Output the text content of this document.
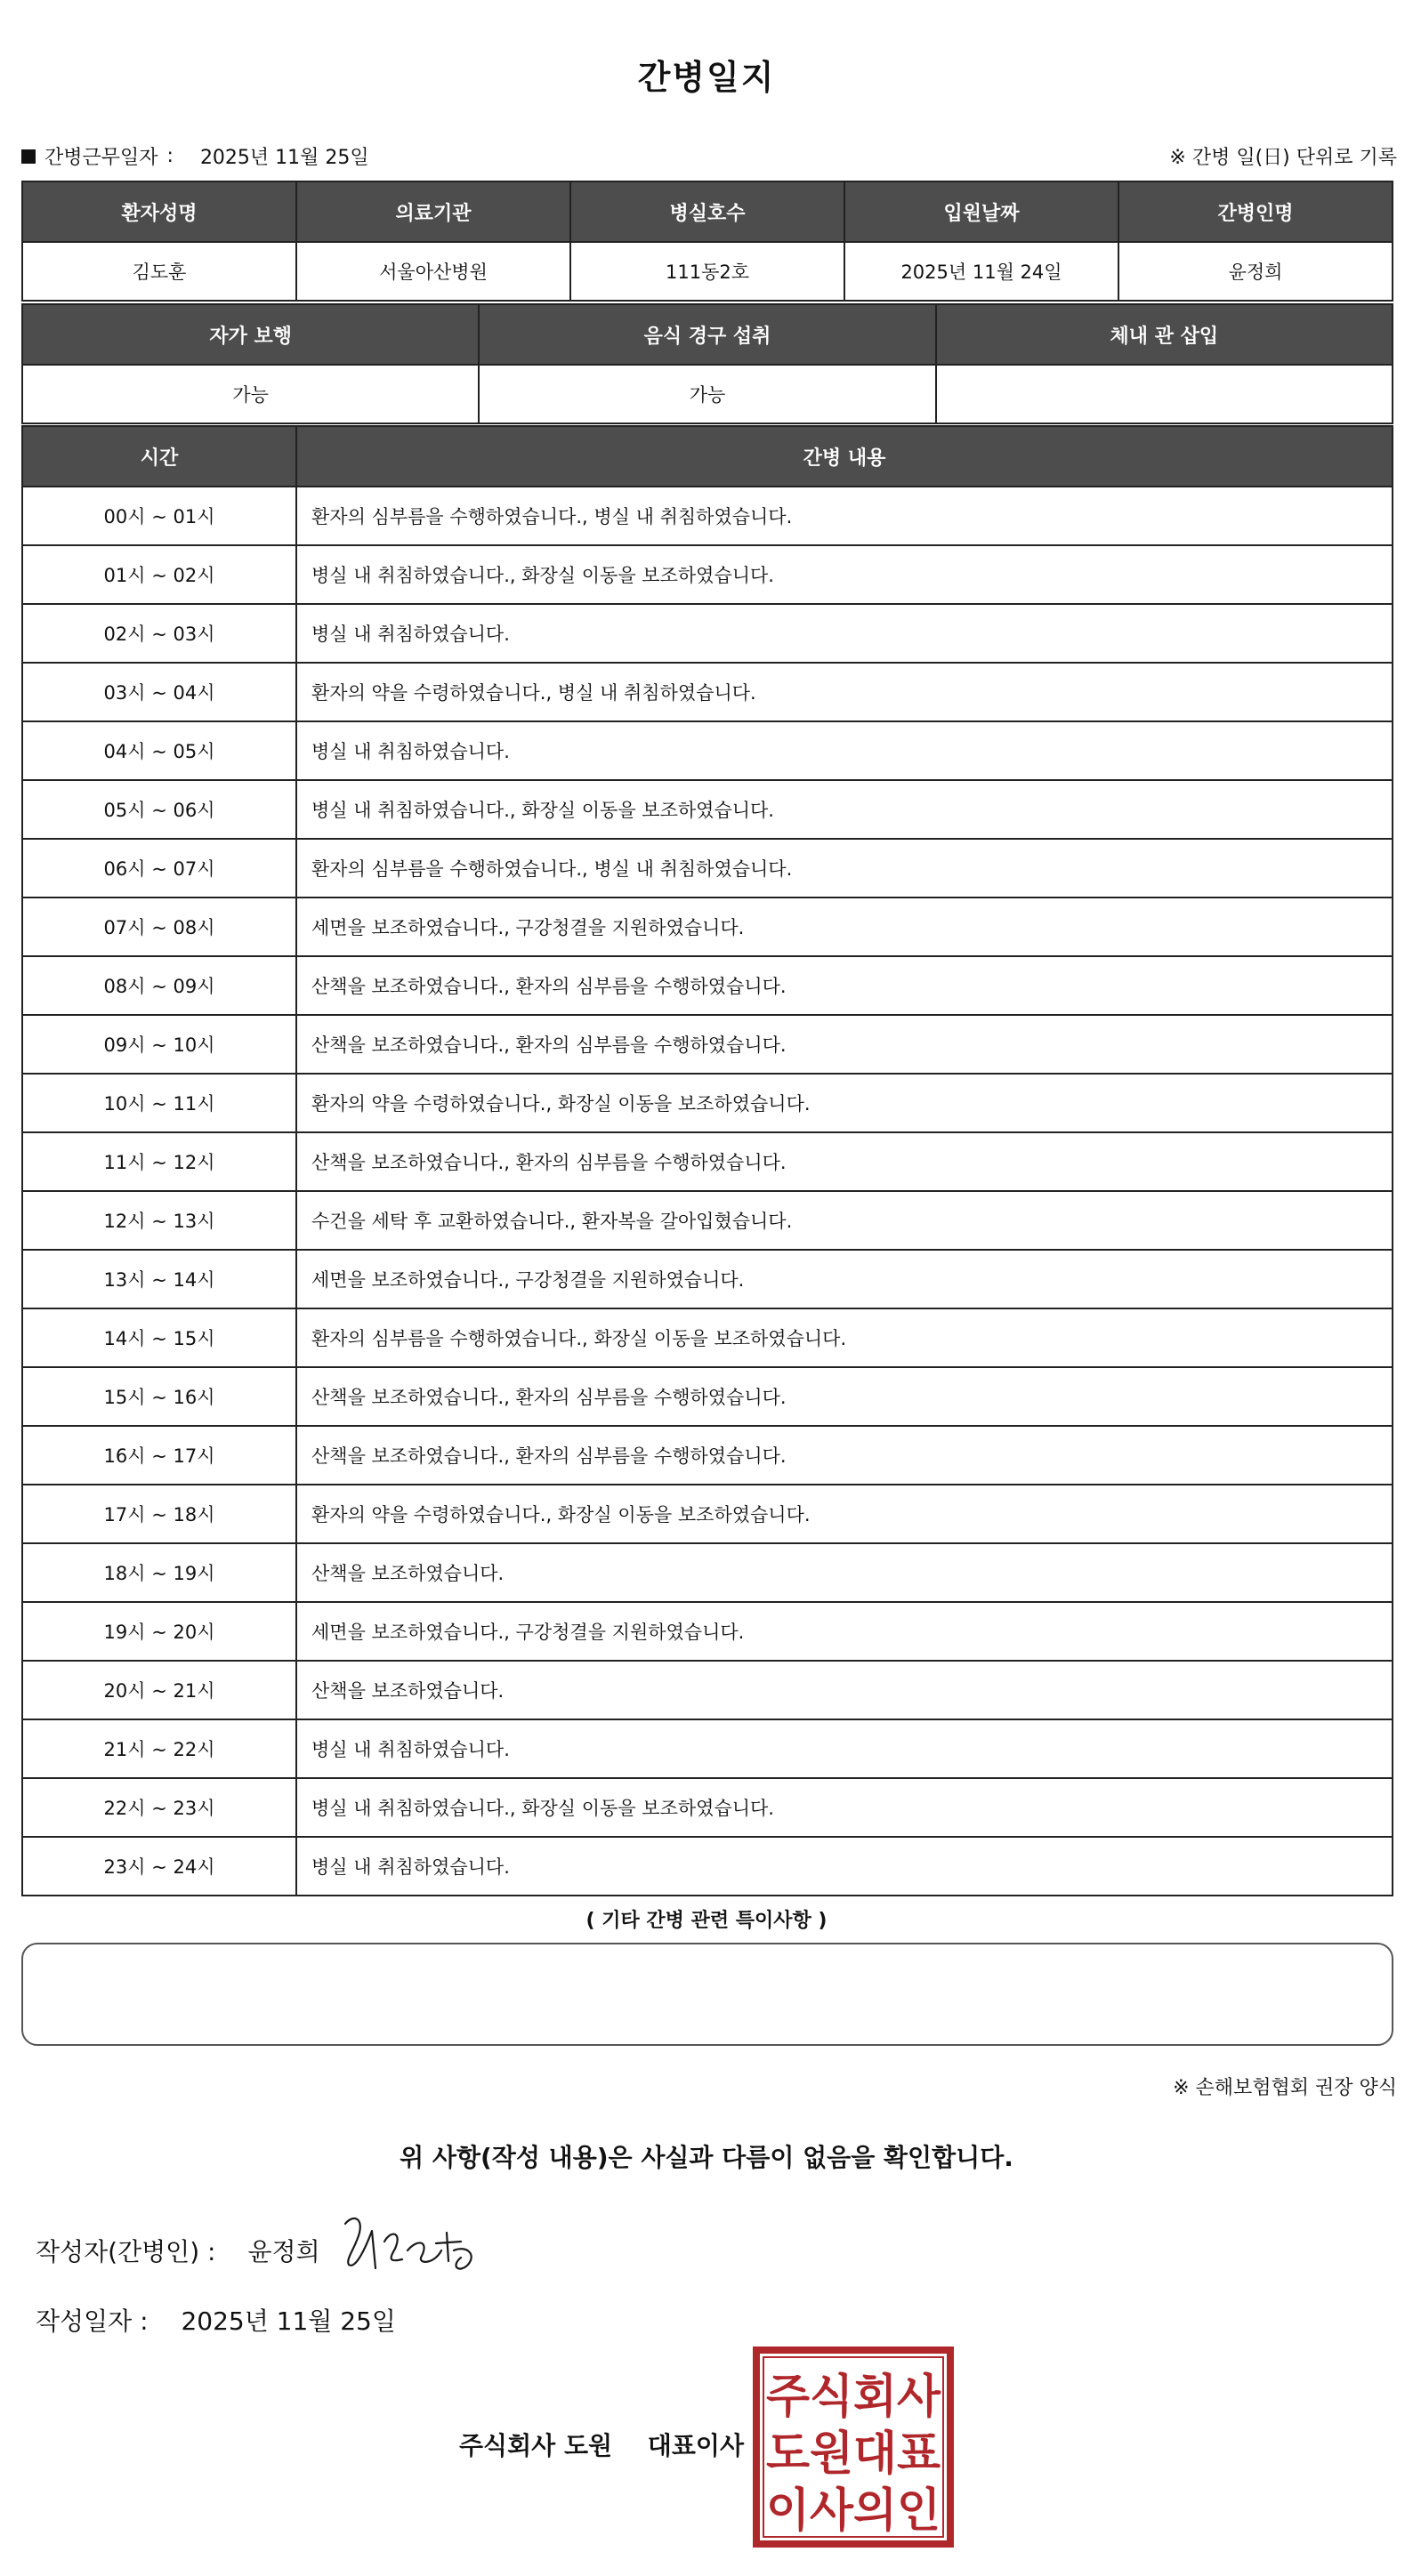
간병일지
간병근무일자 : 2025년 11월 25일	※ 간병 일(日) 단위로 기록
환자성명	의료기관	병실호수	입원날짜	간병인명
김도훈	서울아산병원	111동2호	2025년 11월 24일	윤정희
자가 보행	음식 경구 섭취	체내 관 삽입
가능	가능	
시간	간병 내용
00시 ~ 01시	환자의 심부름을 수행하였습니다., 병실 내 취침하였습니다.
01시 ~ 02시	병실 내 취침하였습니다., 화장실 이동을 보조하였습니다.
02시 ~ 03시	병실 내 취침하였습니다.
03시 ~ 04시	환자의 약을 수령하였습니다., 병실 내 취침하였습니다.
04시 ~ 05시	병실 내 취침하였습니다.
05시 ~ 06시	병실 내 취침하였습니다., 화장실 이동을 보조하였습니다.
06시 ~ 07시	환자의 심부름을 수행하였습니다., 병실 내 취침하였습니다.
07시 ~ 08시	세면을 보조하였습니다., 구강청결을 지원하였습니다.
08시 ~ 09시	산책을 보조하였습니다., 환자의 심부름을 수행하였습니다.
09시 ~ 10시	산책을 보조하였습니다., 환자의 심부름을 수행하였습니다.
10시 ~ 11시	환자의 약을 수령하였습니다., 화장실 이동을 보조하였습니다.
11시 ~ 12시	산책을 보조하였습니다., 환자의 심부름을 수행하였습니다.
12시 ~ 13시	수건을 세탁 후 교환하였습니다., 환자복을 갈아입혔습니다.
13시 ~ 14시	세면을 보조하였습니다., 구강청결을 지원하였습니다.
14시 ~ 15시	환자의 심부름을 수행하였습니다., 화장실 이동을 보조하였습니다.
15시 ~ 16시	산책을 보조하였습니다., 환자의 심부름을 수행하였습니다.
16시 ~ 17시	산책을 보조하였습니다., 환자의 심부름을 수행하였습니다.
17시 ~ 18시	환자의 약을 수령하였습니다., 화장실 이동을 보조하였습니다.
18시 ~ 19시	산책을 보조하였습니다.
19시 ~ 20시	세면을 보조하였습니다., 구강청결을 지원하였습니다.
20시 ~ 21시	산책을 보조하였습니다.
21시 ~ 22시	병실 내 취침하였습니다.
22시 ~ 23시	병실 내 취침하였습니다., 화장실 이동을 보조하였습니다.
23시 ~ 24시	병실 내 취침하였습니다.
( 기타 간병 관련 특이사항 )
※ 손해보험협회 권장 양식
위 사항(작성 내용)은 사실과 다름이 없음을 확인합니다.
작성자(간병인) : 윤정희
작성일자 : 2025년 11월 25일
주식회사 도원 대표이사
주식회사
도원대표
이사의인
